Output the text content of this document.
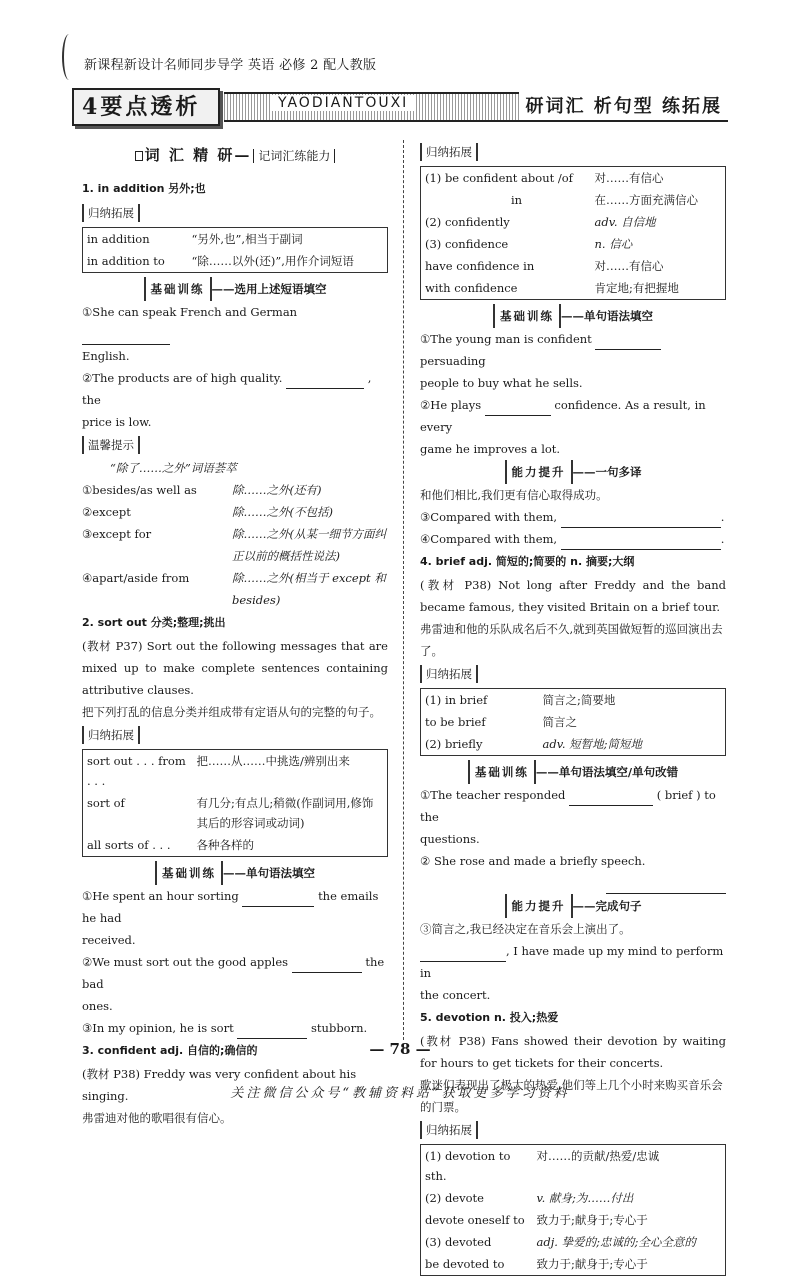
新课程新设计名师同步导学 英语 必修 2 配人教版
4要点透析	YAODIANTOUXI	研词汇 析句型 练拓展
词 汇 精 研— 记词汇练能力
1. in addition 另外;也
归纳拓展
in addition	“另外,也”,相当于副词
in addition to	“除……以外(还)”,用作介词短语
基础训练 ——选用上述短语填空

①She can speak French and German

English.

②The products are of high quality.	, the

price is low.

温馨提示

“除了……之外”词语荟萃

①besides/as well as	除……之外(还有)
②except	除……之外(不包括)
③except for	除……之外(从某一细节方面纠正以前的概括性说法)
④apart/aside from	除……之外(相当于 except 和 besides)
2. sort out 分类;整理;挑出

(教材 P37) Sort out the following messages that are mixed up to make complete sentences containing attributive clauses.

把下列打乱的信息分类并组成带有定语从句的完整的句子。

归纳拓展
sort out . . . from . . .	把……从……中挑选/辨别出来
sort of	有几分;有点儿;稍微(作副词用,修饰其后的形容词或动词)
all sorts of . . .	各种各样的
基础训练 ——单句语法填空

①He spent an hour sorting	the emails he had

received.

②We must sort out the good apples	the bad

ones.

③In my opinion, he is sort	stubborn.

3. confident adj. 自信的;确信的

(教材 P38) Freddy was very confident about his singing.

弗雷迪对他的歌唱很有信心。

归纳拓展
(1) be confident about /of	对……有信心
in	在……方面充满信心
(2) confidently	adv. 自信地
(3) confidence	n. 信心
have confidence in	对……有信心
with confidence	肯定地;有把握地
基础训练 ——单句语法填空

①The young man is confident  persuading

people to buy what he sells.

②He plays	confidence. As a result, in every

game he improves a lot.

能力提升 ——一句多译

和他们相比,我们更有信心取得成功。

③Compared with them,	.

④Compared with them,	.

4. brief adj. 简短的;简要的 n. 摘要;大纲

(教材 P38) Not long after Freddy and the band became famous, they visited Britain on a brief tour.

弗雷迪和他的乐队成名后不久,就到英国做短暂的巡回演出去了。

归纳拓展
(1) in brief	简言之;简要地
to be brief	简言之
(2) briefly	adv. 短暂地;简短地
基础训练 ——单句语法填空/单句改错

①The teacher responded	( brief ) to the

questions.

② She rose and made a briefly speech.

能力提升 ——完成句子

③简言之,我已经决定在音乐会上演出了。

, I have made up my mind to perform in

the concert.

5. devotion n. 投入;热爱

(教材 P38) Fans showed their devotion by waiting for hours to get tickets for their concerts.

歌迷们表现出了极大的热爱,他们等上几个小时来购买音乐会的门票。

归纳拓展
(1) devotion to sth.	对……的贡献/热爱/忠诚
(2) devote	v. 献身;为……付出
devote oneself to	致力于;献身于;专心于
(3) devoted	adj. 挚爱的;忠诚的;全心全意的
be devoted to	致力于;献身于;专心于
— 78 —
关注微信公众号“教辅资料站”获取更多学习资料
